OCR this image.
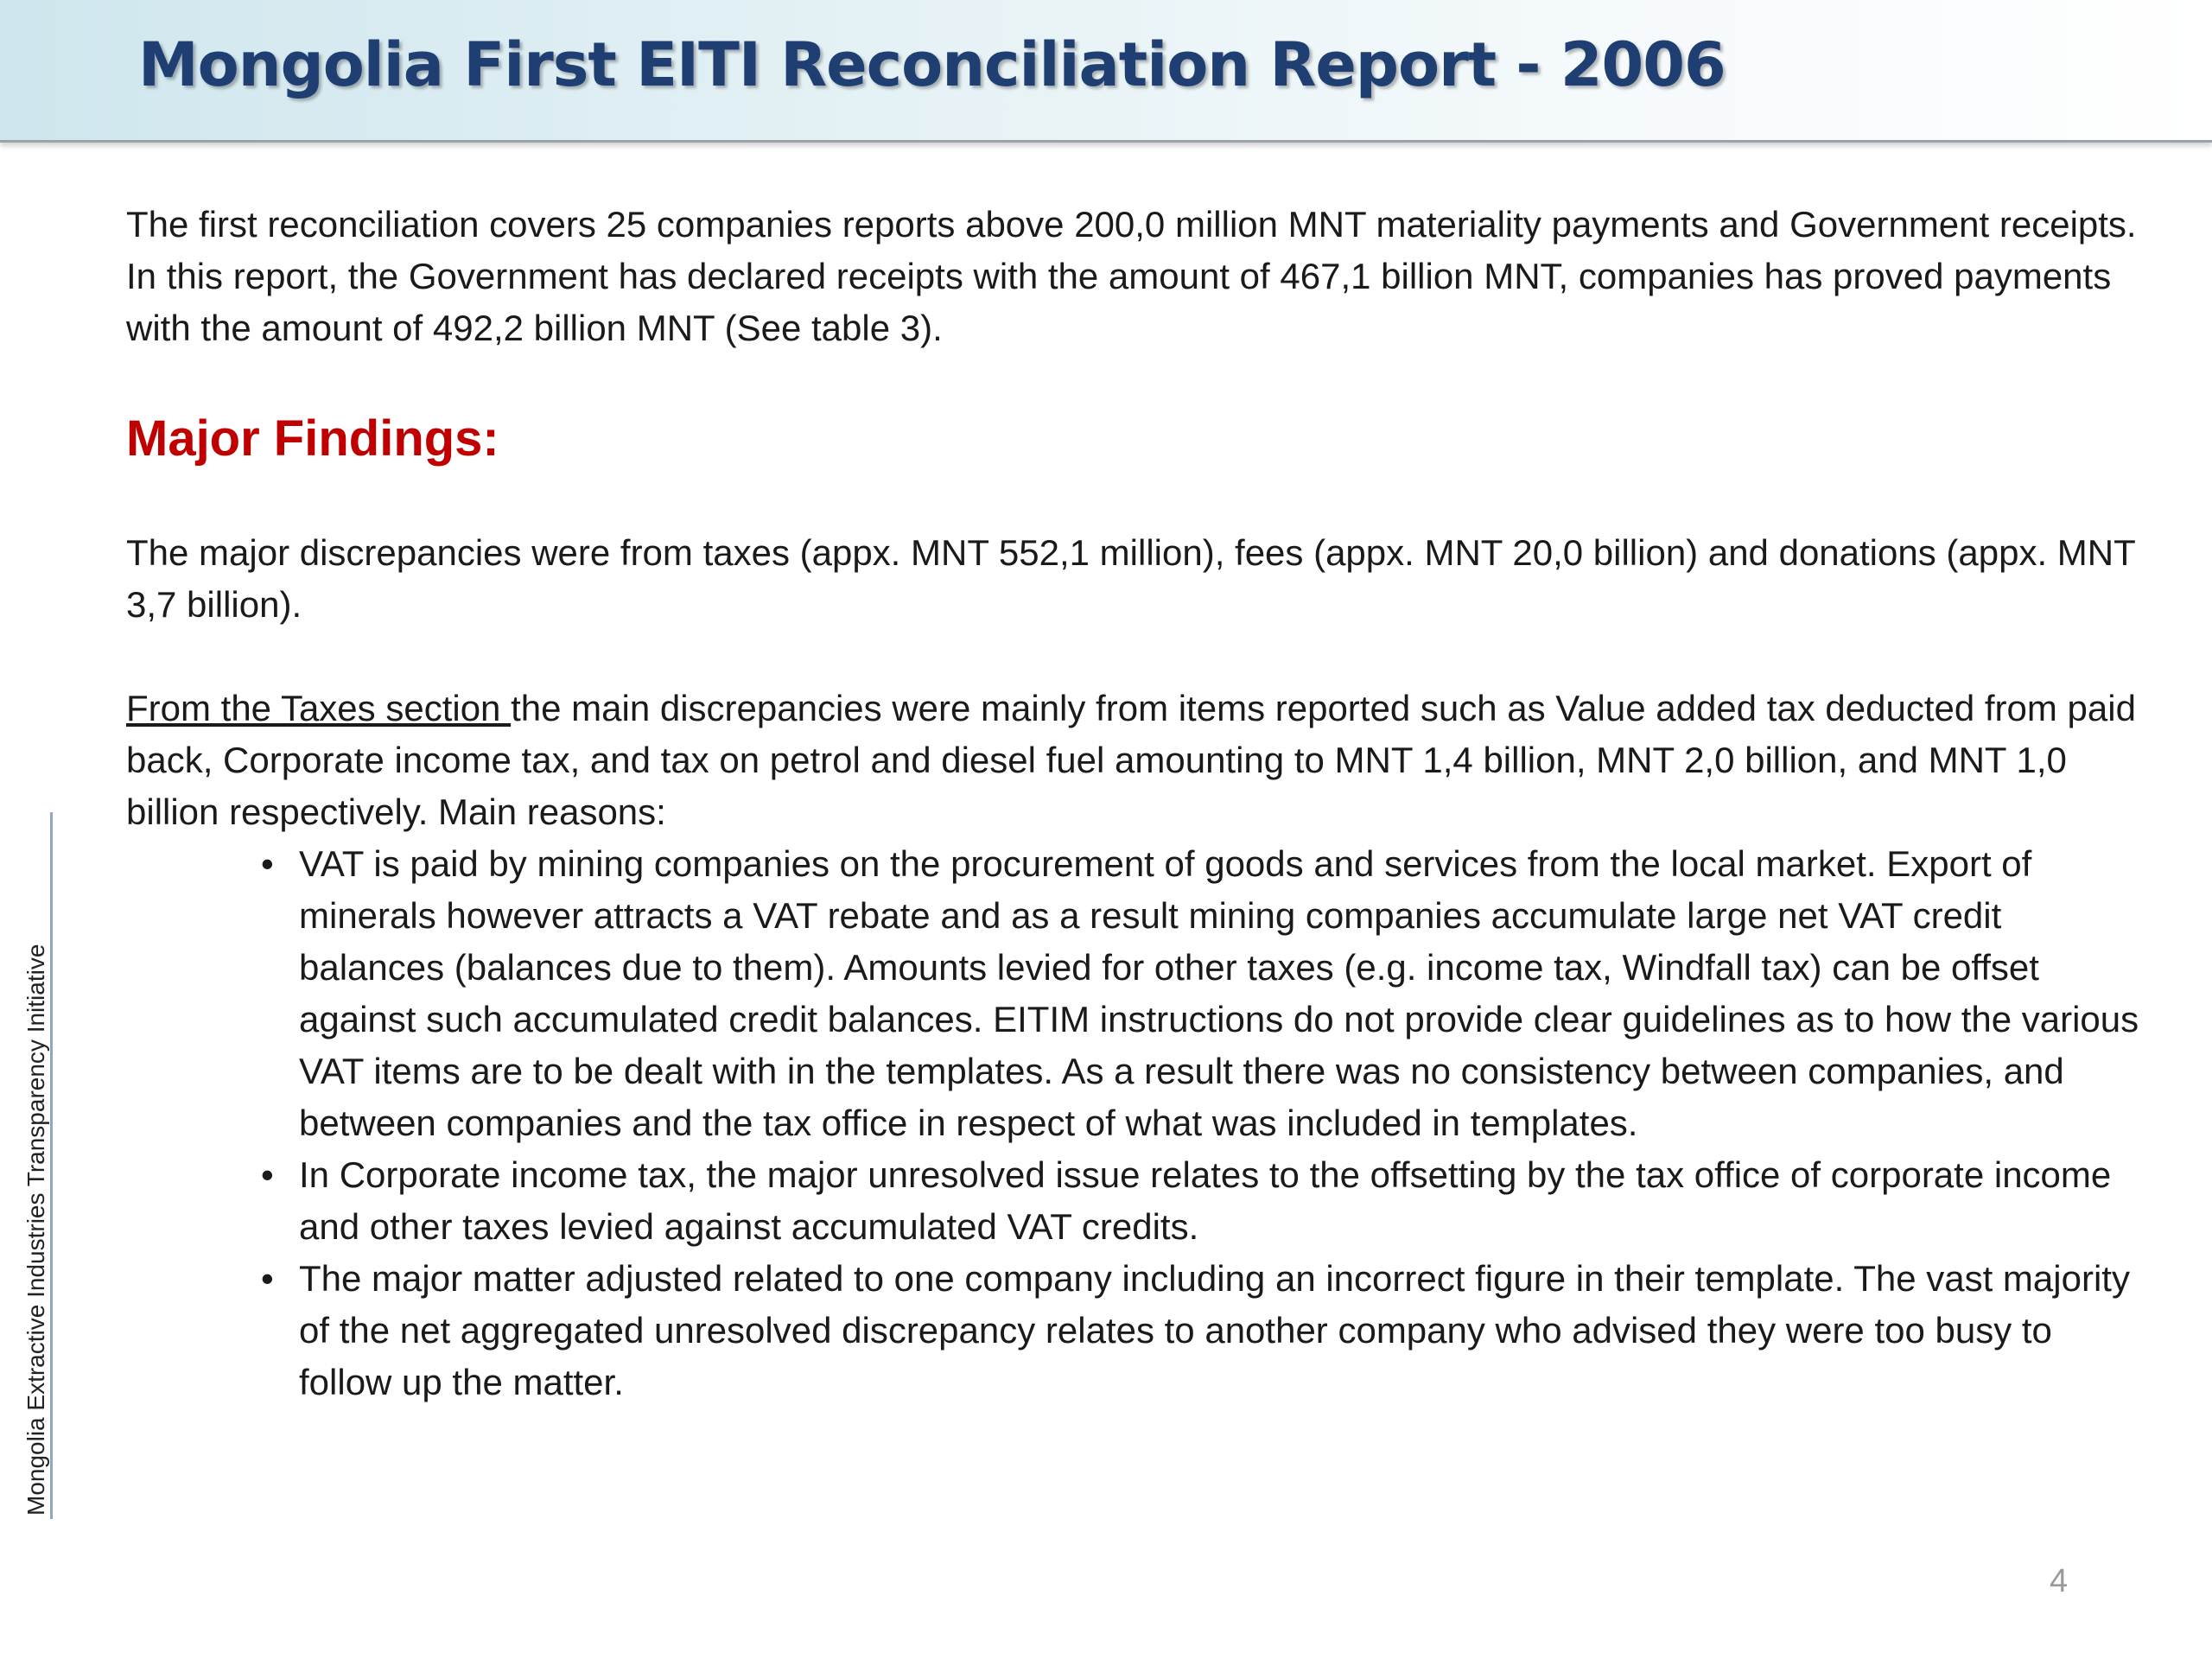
Mongolia First EITI Reconciliation Report - 2006

The first reconciliation covers 25 companies reports above 200,0 million MNT materiality payments and Government receipts. In this report, the Government has declared receipts with the amount of 467,1 billion MNT, companies has proved payments with the amount of 492,2 billion MNT (See table 3).

Major Findings:

The major discrepancies were from taxes (appx. MNT 552,1 million), fees (appx. MNT 20,0 billion) and donations (appx. MNT 3,7 billion).

From the Taxes section the main discrepancies were mainly from items reported such as Value added tax deducted from paid back, Corporate income tax, and tax on petrol and diesel fuel amounting to MNT 1,4 billion, MNT 2,0 billion, and MNT 1,0 billion respectively. Main reasons:

• VAT is paid by mining companies on the procurement of goods and services from the local market. Export of minerals however attracts a VAT rebate and as a result mining companies accumulate large net VAT credit balances (balances due to them). Amounts levied for other taxes (e.g. income tax, Windfall tax) can be offset against such accumulated credit balances. EITIM instructions do not provide clear guidelines as to how the various VAT items are to be dealt with in the templates. As a result there was no consistency between companies, and between companies and the tax office in respect of what was included in templates.
• In Corporate income tax, the major unresolved issue relates to the offsetting by the tax office of corporate income and other taxes levied against accumulated VAT credits.
• The major matter adjusted related to one company including an incorrect figure in their template. The vast majority of the net aggregated unresolved discrepancy relates to another company who advised they were too busy to follow up the matter.
Mongolia Extractive Industries Transparency Initiative
4
